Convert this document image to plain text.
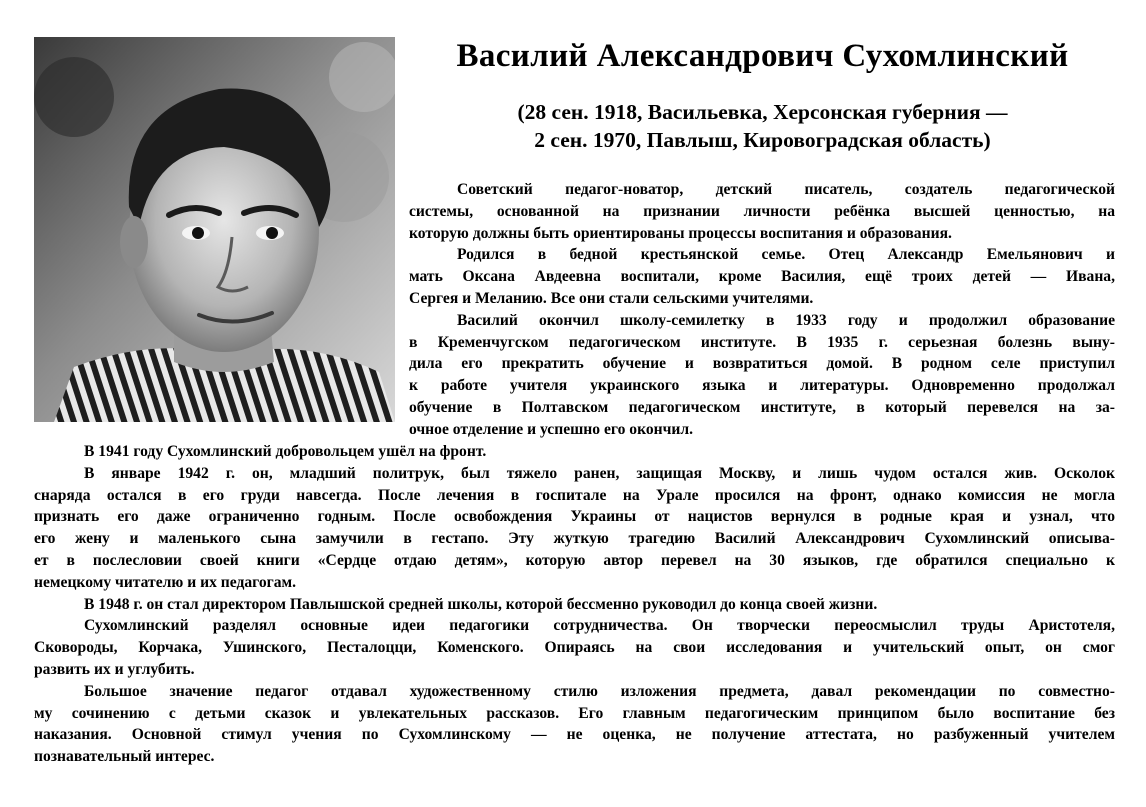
Василий Александрович Сухомлинский
(28 сен. 1918, Васильевка, Херсонская губерния —
2 сен. 1970, Павлыш, Кировоградская область)

Советский педагог-новатор, детский писатель, создатель педагогической
системы, основанной на признании личности ребёнка высшей ценностью, на
которую должны быть ориентированы процессы воспитания и образования.

Родился в бедной крестьянской семье. Отец Александр Емельянович и
мать Оксана Авдеевна воспитали, кроме Василия, ещё троих детей — Ивана,
Сергея и Меланию. Все они стали сельскими учителями.

Василий окончил школу-семилетку в 1933 году и продолжил образование
в Кременчугском педагогическом институте. В 1935 г. серьезная болезнь выну-
дила его прекратить обучение и возвратиться домой. В родном селе приступил
к работе учителя украинского языка и литературы. Одновременно продолжал
обучение в Полтавском педагогическом институте, в который перевелся на за-
очное отделение и успешно его окончил.

В 1941 году Сухомлинский добровольцем ушёл на фронт.

В январе 1942 г. он, младший политрук, был тяжело ранен, защищая Москву, и лишь чудом остался жив. Осколок
снаряда остался в его груди навсегда. После лечения в госпитале на Урале просился на фронт, однако комиссия не могла
признать его даже ограниченно годным. После освобождения Украины от нацистов вернулся в родные края и узнал, что
его жену и маленького сына замучили в гестапо. Эту жуткую трагедию Василий Александрович Сухомлинский описыва-
ет в послесловии своей книги «Сердце отдаю детям», которую автор перевел на 30 языков, где обратился специально к
немецкому читателю и их педагогам.

В 1948 г. он стал директором Павлышской средней школы, которой бессменно руководил до конца своей жизни.

Сухомлинский разделял основные идеи педагогики сотрудничества. Он творчески переосмыслил труды Аристотеля,
Сковороды, Корчака, Ушинского, Песталоцци, Коменского. Опираясь на свои исследования и учительский опыт, он смог
развить их и углубить.

Большое значение педагог отдавал художественному стилю изложения предмета, давал рекомендации по совместно-
му сочинению с детьми сказок и увлекательных рассказов. Его главным педагогическим принципом было воспитание без
наказания. Основной стимул учения по Сухомлинскому — не оценка, не получение аттестата, но разбуженный учителем
познавательный интерес.
